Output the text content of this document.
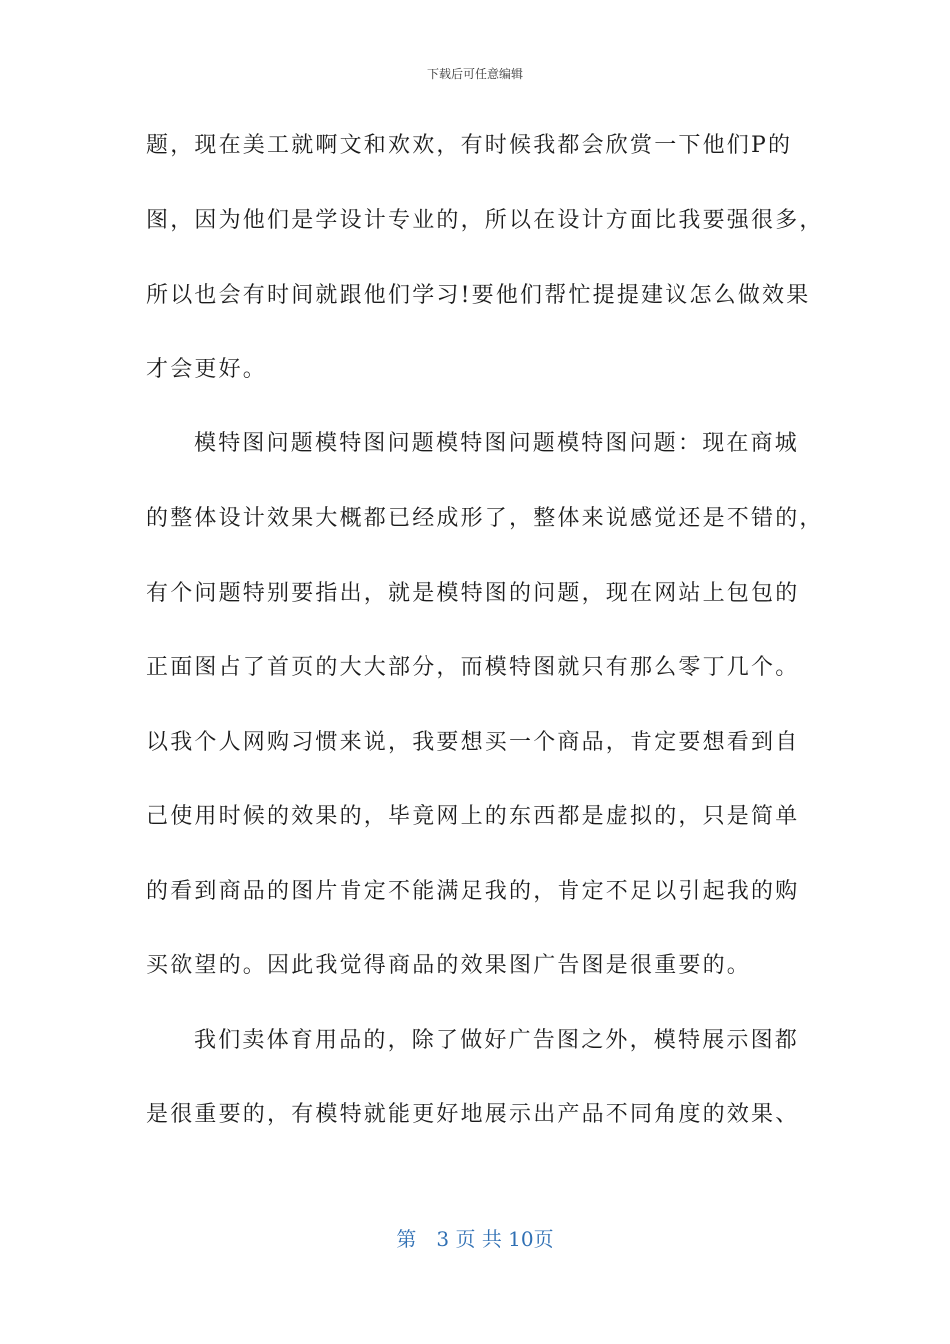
下载后可任意编辑
题，现在美工就啊文和欢欢，有时候我都会欣赏一下他们P的
图，因为他们是学设计专业的，所以在设计方面比我要强很多，
所以也会有时间就跟他们学习!要他们帮忙提提建议怎么做效果
才会更好。
模特图问题模特图问题模特图问题模特图问题：现在商城
的整体设计效果大概都已经成形了，整体来说感觉还是不错的，
有个问题特别要指出，就是模特图的问题，现在网站上包包的
正面图占了首页的大大部分，而模特图就只有那么零丁几个。
以我个人网购习惯来说，我要想买一个商品，肯定要想看到自
己使用时候的效果的，毕竟网上的东西都是虚拟的，只是简单
的看到商品的图片肯定不能满足我的，肯定不足以引起我的购
买欲望的。因此我觉得商品的效果图广告图是很重要的。
我们卖体育用品的，除了做好广告图之外，模特展示图都
是很重要的，有模特就能更好地展示出产品不同角度的效果、
第　3 页 共 10页
